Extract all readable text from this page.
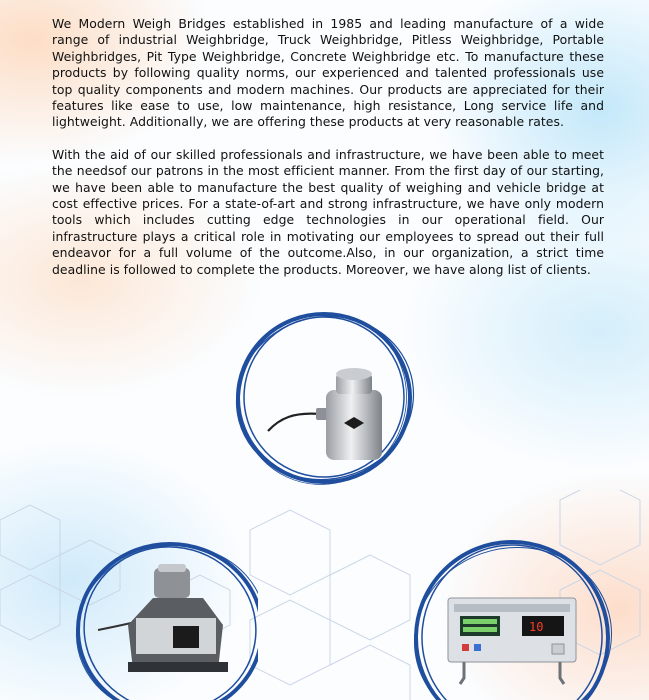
We Modern Weigh Bridges established in 1985 and leading manufacture of a wide range of industrial Weighbridge, Truck Weighbridge, Pitless Weighbridge, Portable Weighbridges, Pit Type Weighbridge, Concrete Weighbridge etc. To manufacture these products by following quality norms, our experienced and talented professionals use top quality components and modern machines. Our products are appreciated for their features like ease to use, low maintenance, high resistance, Long service life and lightweight. Additionally, we are offering these products at very reasonable rates.

With the aid of our skilled professionals and infrastructure, we have been able to meet the needsof our patrons in the most efficient manner. From the first day of our starting, we have been able to manufacture the best quality of weighing and vehicle bridge at cost effective prices. For a state-of-art and strong infrastructure, we have only modern tools which includes cutting edge technologies in our operational field. Our infrastructure plays a critical role in motivating our employees to spread out their full endeavor for a full volume of the outcome.Also, in our organization, a strict time deadline is followed to complete the products. Moreover, we have along list of clients.

10
